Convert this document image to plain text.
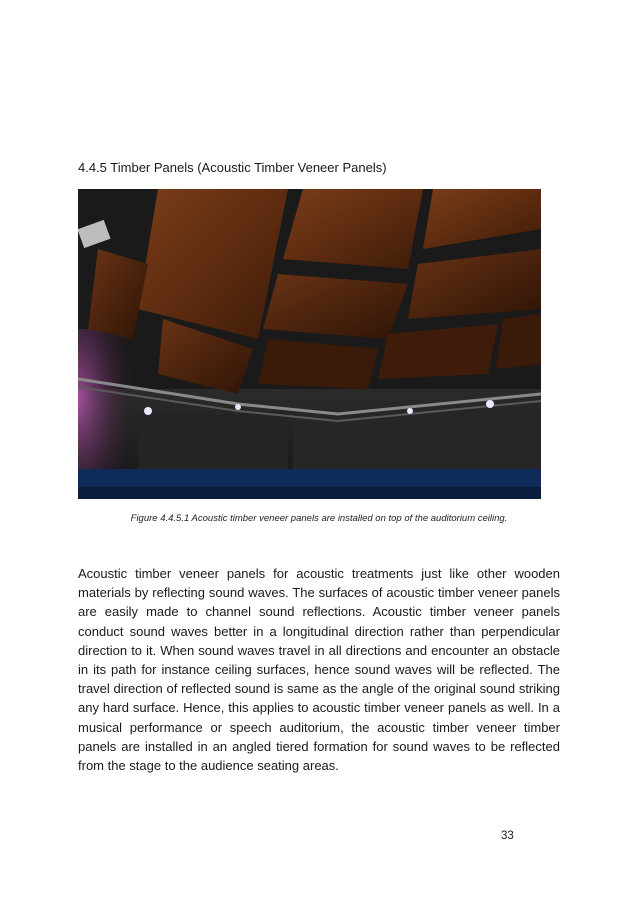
4.4.5 Timber Panels (Acoustic Timber Veneer Panels)
Figure 4.4.5.1 Acoustic timber veneer panels are installed on top of the auditorium ceiling.

Acoustic timber veneer panels for acoustic treatments just like other wooden materials by reflecting sound waves. The surfaces of acoustic timber veneer panels are easily made to channel sound reflections. Acoustic timber veneer panels conduct sound waves better in a longitudinal direction rather than perpendicular direction to it. When sound waves travel in all directions and encounter an obstacle in its path for instance ceiling surfaces, hence sound waves will be reflected. The travel direction of reflected sound is same as the angle of the original sound striking any hard surface. Hence, this applies to acoustic timber veneer panels as well. In a musical performance or speech auditorium, the acoustic timber veneer timber panels are installed in an angled tiered formation for sound waves to be reflected from the stage to the audience seating areas.

33
